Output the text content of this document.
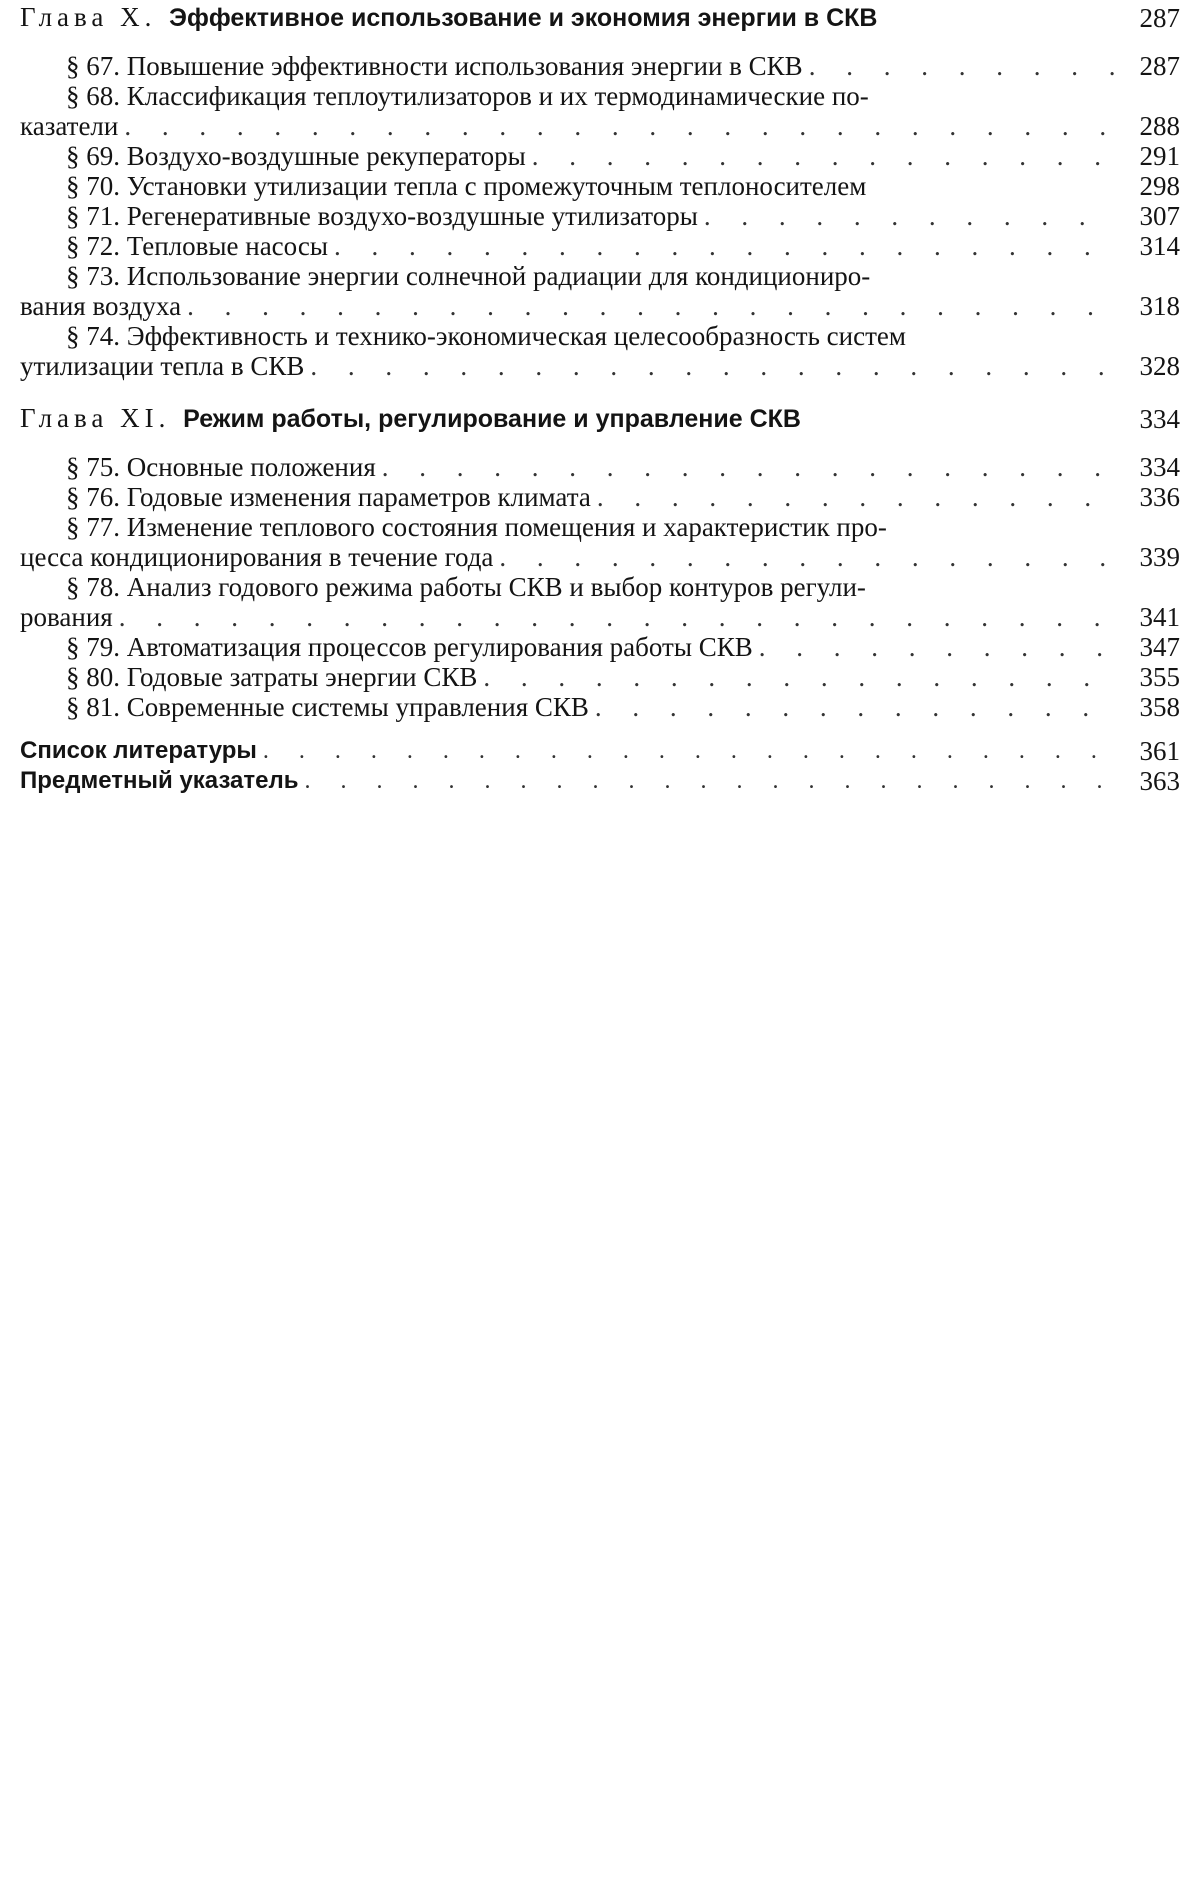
Глава X. Эффективное использование и экономия энергии в СКВ	287
§ 67. Повышение эффективности использования энергии в СКВ . . .	287
§ 68. Классификация теплоутилизаторов и их термодинамические по-
казатели . . .	288
§ 69. Воздухо-воздушные рекуператоры . . .	291
§ 70. Установки утилизации тепла с промежуточным теплоносителем	298
§ 71. Регенеративные воздухо-воздушные утилизаторы . . .	307
§ 72. Тепловые насосы . . .	314
§ 73. Использование энергии солнечной радиации для кондициониро-
вания воздуха . . .	318
§ 74. Эффективность и технико-экономическая целесообразность систем
утилизации тепла в СКВ . . .	328
Глава XI. Режим работы, регулирование и управление СКВ	334
§ 75. Основные положения . . .	334
§ 76. Годовые изменения параметров климата . . .	336
§ 77. Изменение теплового состояния помещения и характеристик про-
цесса кондиционирования в течение года . . .	339
§ 78. Анализ годового режима работы СКВ и выбор контуров регули-
рования . . .	341
§ 79. Автоматизация процессов регулирования работы СКВ . . .	347
§ 80. Годовые затраты энергии СКВ . . .	355
§ 81. Современные системы управления СКВ . . .	358
Список литературы . . .	361
Предметный указатель . . .	363
